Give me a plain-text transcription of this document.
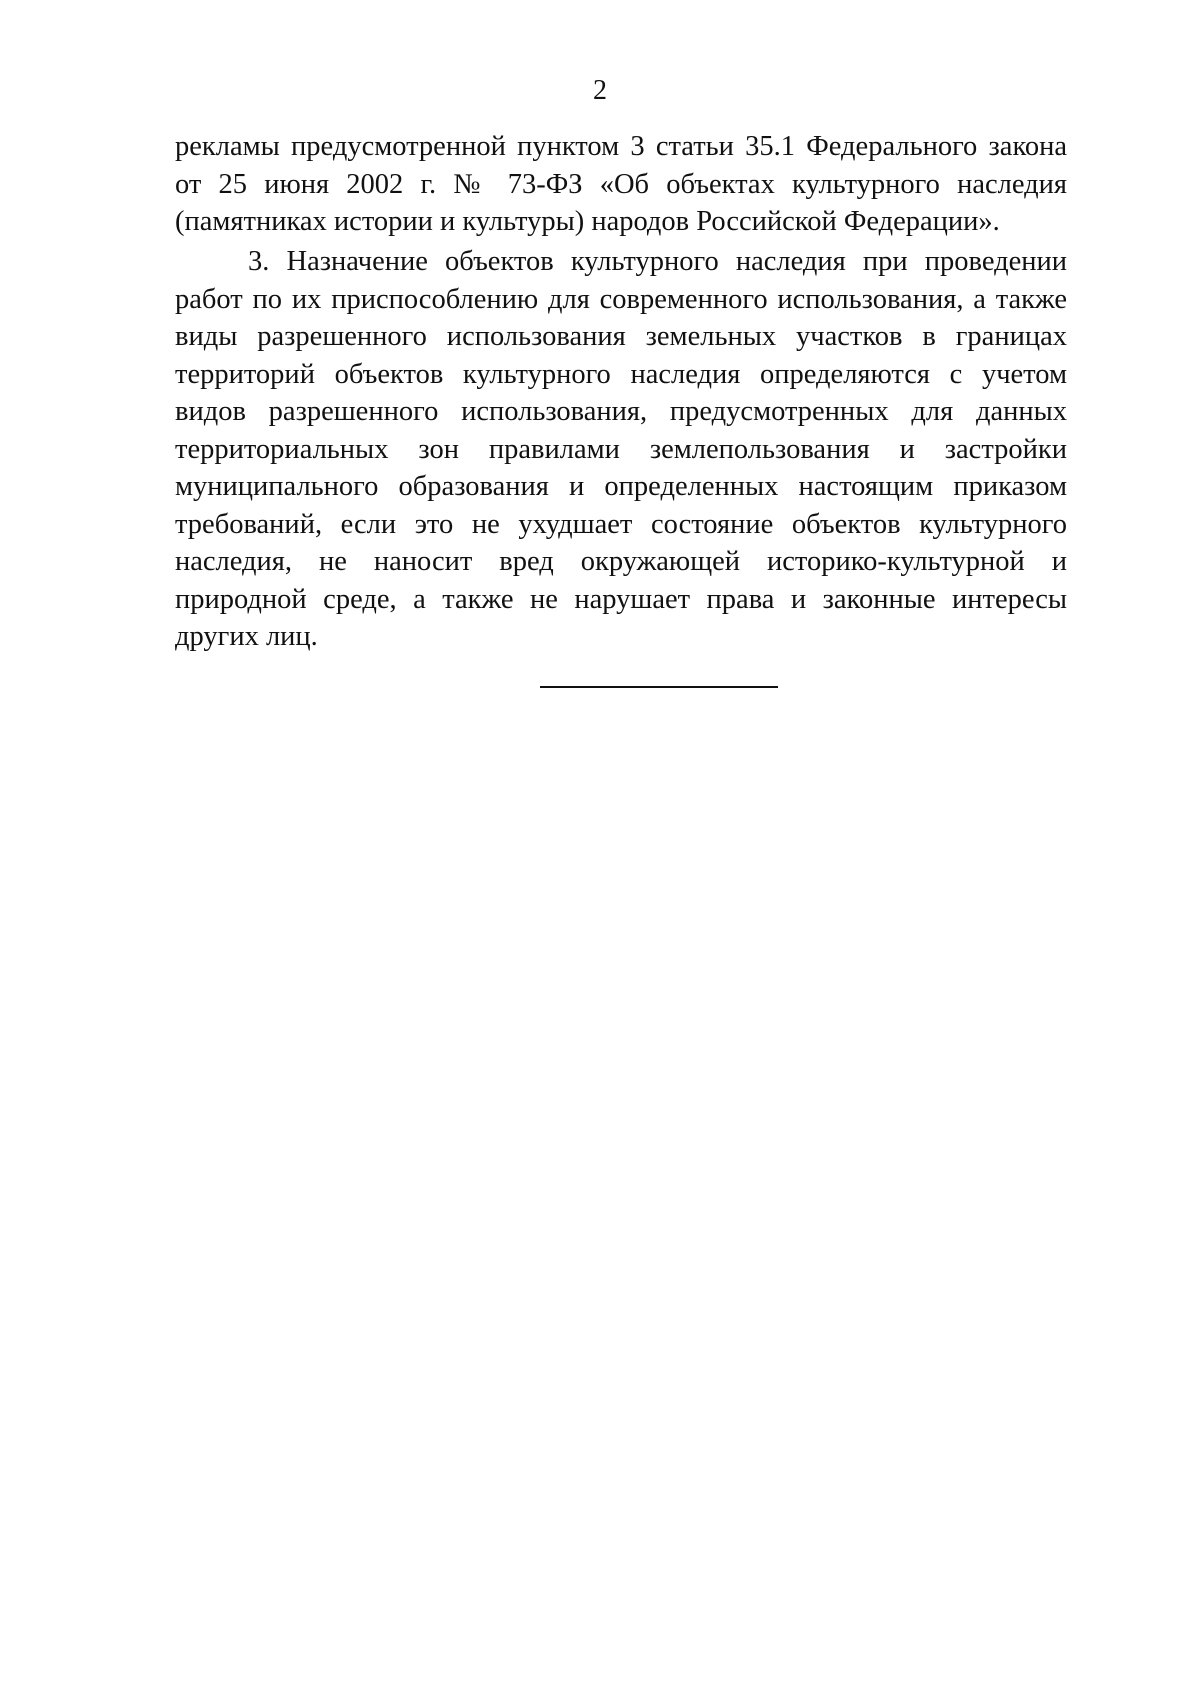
2
рекламы предусмотренной пунктом 3 статьи 35.1 Федерального закона
от 25 июня 2002 г. № 73-ФЗ «Об объектах культурного наследия
(памятниках истории и культуры) народов Российской Федерации».
3. Назначение объектов культурного наследия при проведении
работ по их приспособлению для современного использования, а также
виды разрешенного использования земельных участков в границах
территорий объектов культурного наследия определяются с учетом
видов разрешенного использования, предусмотренных для данных
территориальных зон правилами землепользования и застройки
муниципального образования и определенных настоящим приказом
требований, если это не ухудшает состояние объектов культурного
наследия, не наносит вред окружающей историко-культурной и
природной среде, а также не нарушает права и законные интересы
других лиц.
